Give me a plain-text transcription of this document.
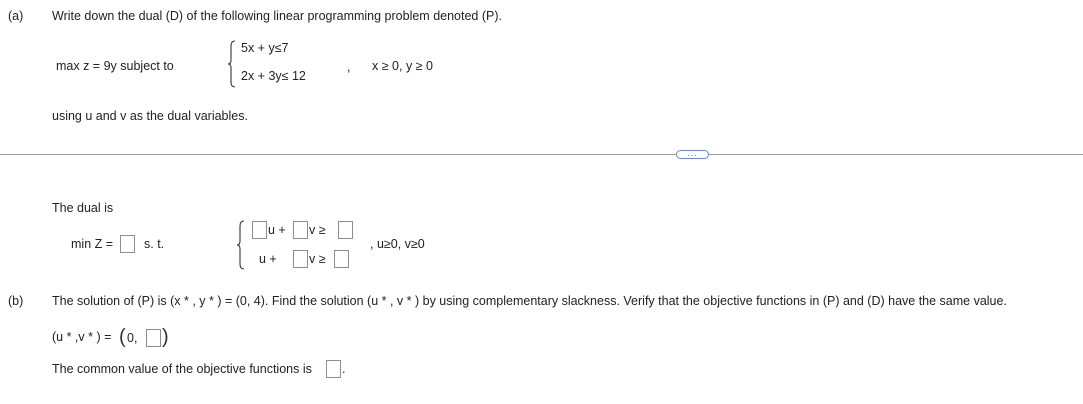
(a) Write down the dual (D) of the following linear programming problem denoted (P).
max z = 9y subject to
5x + y≤7
2x + 3y≤ 12
, x ≥ 0, y ≥ 0
using u and v as the dual variables.
···
The dual is
min Z = s. t.
u + v ≥
u +	v ≥
, u≥0, v≥0
(b) The solution of (P) is (x * , y * ) = (0, 4). Find the solution (u * , v * ) by using complementary slackness. Verify that the objective functions in (P) and (D) have the same value.
(u * ,v * ) = ( 0, )
The common value of the objective functions is .
